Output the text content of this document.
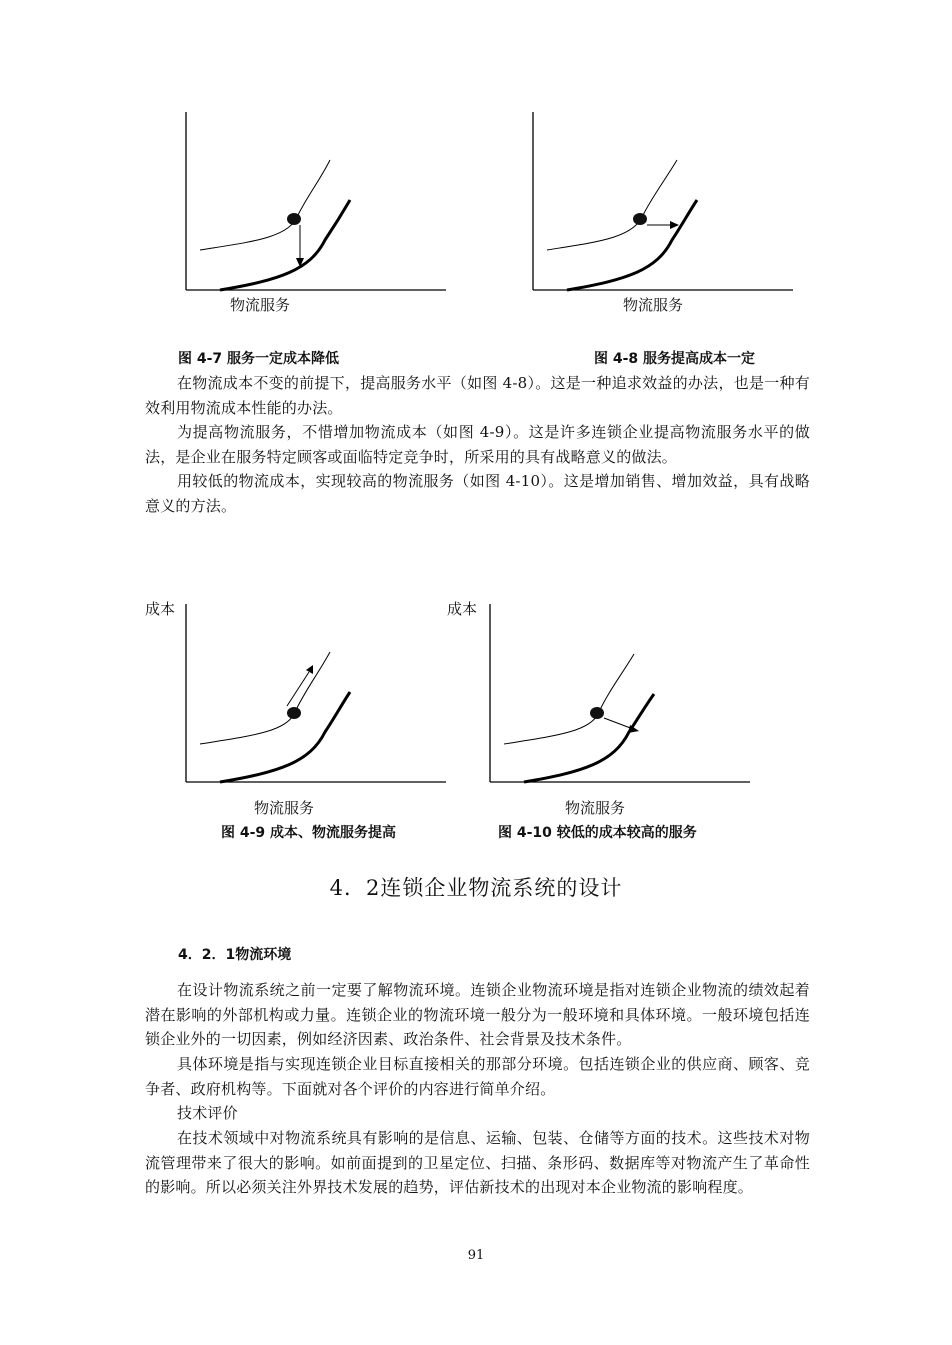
物流服务	物流服务
图 4-7 服务一定成本降低	图 4-8 服务提高成本一定
在物流成本不变的前提下，提高服务水平（如图 4-8）。这是一种追求效益的办法，也是一种有效利用物流成本性能的办法。
为提高物流服务，不惜增加物流成本（如图 4-9）。这是许多连锁企业提高物流服务水平的做法，是企业在服务特定顾客或面临特定竞争时，所采用的具有战略意义的做法。
用较低的物流成本，实现较高的物流服务（如图 4-10）。这是增加销售、增加效益，具有战略意义的方法。
成本
物流服务
成本
物流服务
图 4-9 成本、物流服务提高	图 4-10 较低的成本较高的服务
4．2连锁企业物流系统的设计
4．2．1物流环境
在设计物流系统之前一定要了解物流环境。连锁企业物流环境是指对连锁企业物流的绩效起着潜在影响的外部机构或力量。连锁企业的物流环境一般分为一般环境和具体环境。一般环境包括连锁企业外的一切因素，例如经济因素、政治条件、社会背景及技术条件。
具体环境是指与实现连锁企业目标直接相关的那部分环境。包括连锁企业的供应商、顾客、竞争者、政府机构等。下面就对各个评价的内容进行简单介绍。
技术评价
在技术领域中对物流系统具有影响的是信息、运输、包装、仓储等方面的技术。这些技术对物流管理带来了很大的影响。如前面提到的卫星定位、扫描、条形码、数据库等对物流产生了革命性的影响。所以必须关注外界技术发展的趋势，评估新技术的出现对本企业物流的影响程度。
91
